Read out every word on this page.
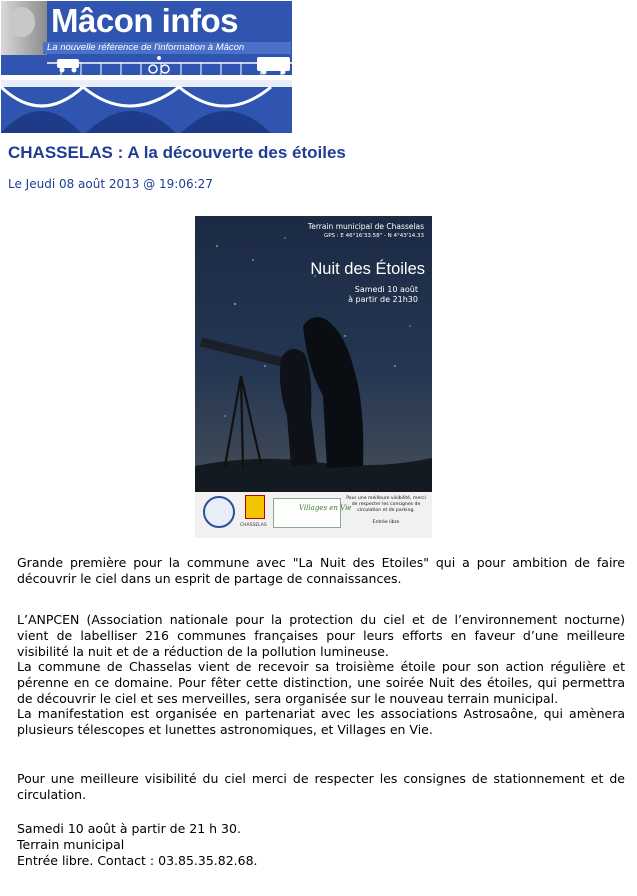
Mâcon infos
La nouvelle référence de l'information à Mâcon
CHASSELAS : A la découverte des étoiles
Le Jeudi 08 août 2013 @ 19:06:27
Terrain municipal de Chasselas
GPS : E 46°16'33.58" - N 4°43'14.33
Nuit des Étoiles
Samedi 10 août
à partir de 21h30
CHASSELAS
Villages en Vie
Pour une meilleure visibilité, merci de respecter les consignes de circulation et de parking.
Entrée libre

Grande première pour la commune avec "La Nuit des Etoiles" qui a pour ambition de faire découvrir le ciel dans un esprit de partage de connaissances.

L’ANPCEN (Association nationale pour la protection du ciel et de l’environnement nocturne) vient de labelliser 216 communes françaises pour leurs efforts en faveur d’une meilleure visibilité la nuit et de a réduction de la pollution lumineuse.

La commune de Chasselas vient de recevoir sa troisième étoile pour son action régulière et pérenne en ce domaine. Pour fêter cette distinction, une soirée Nuit des étoiles, qui permettra de découvrir le ciel et ses merveilles, sera organisée sur le nouveau terrain municipal.

La manifestation est organisée en partenariat avec les associations Astrosaône, qui amènera plusieurs télescopes et lunettes astronomiques, et Villages en Vie.

Pour une meilleure visibilité du ciel merci de respecter les consignes de stationnement et de circulation.

Samedi 10 août à partir de 21 h 30.

Terrain municipal

Entrée libre. Contact : 03.85.35.82.68.
